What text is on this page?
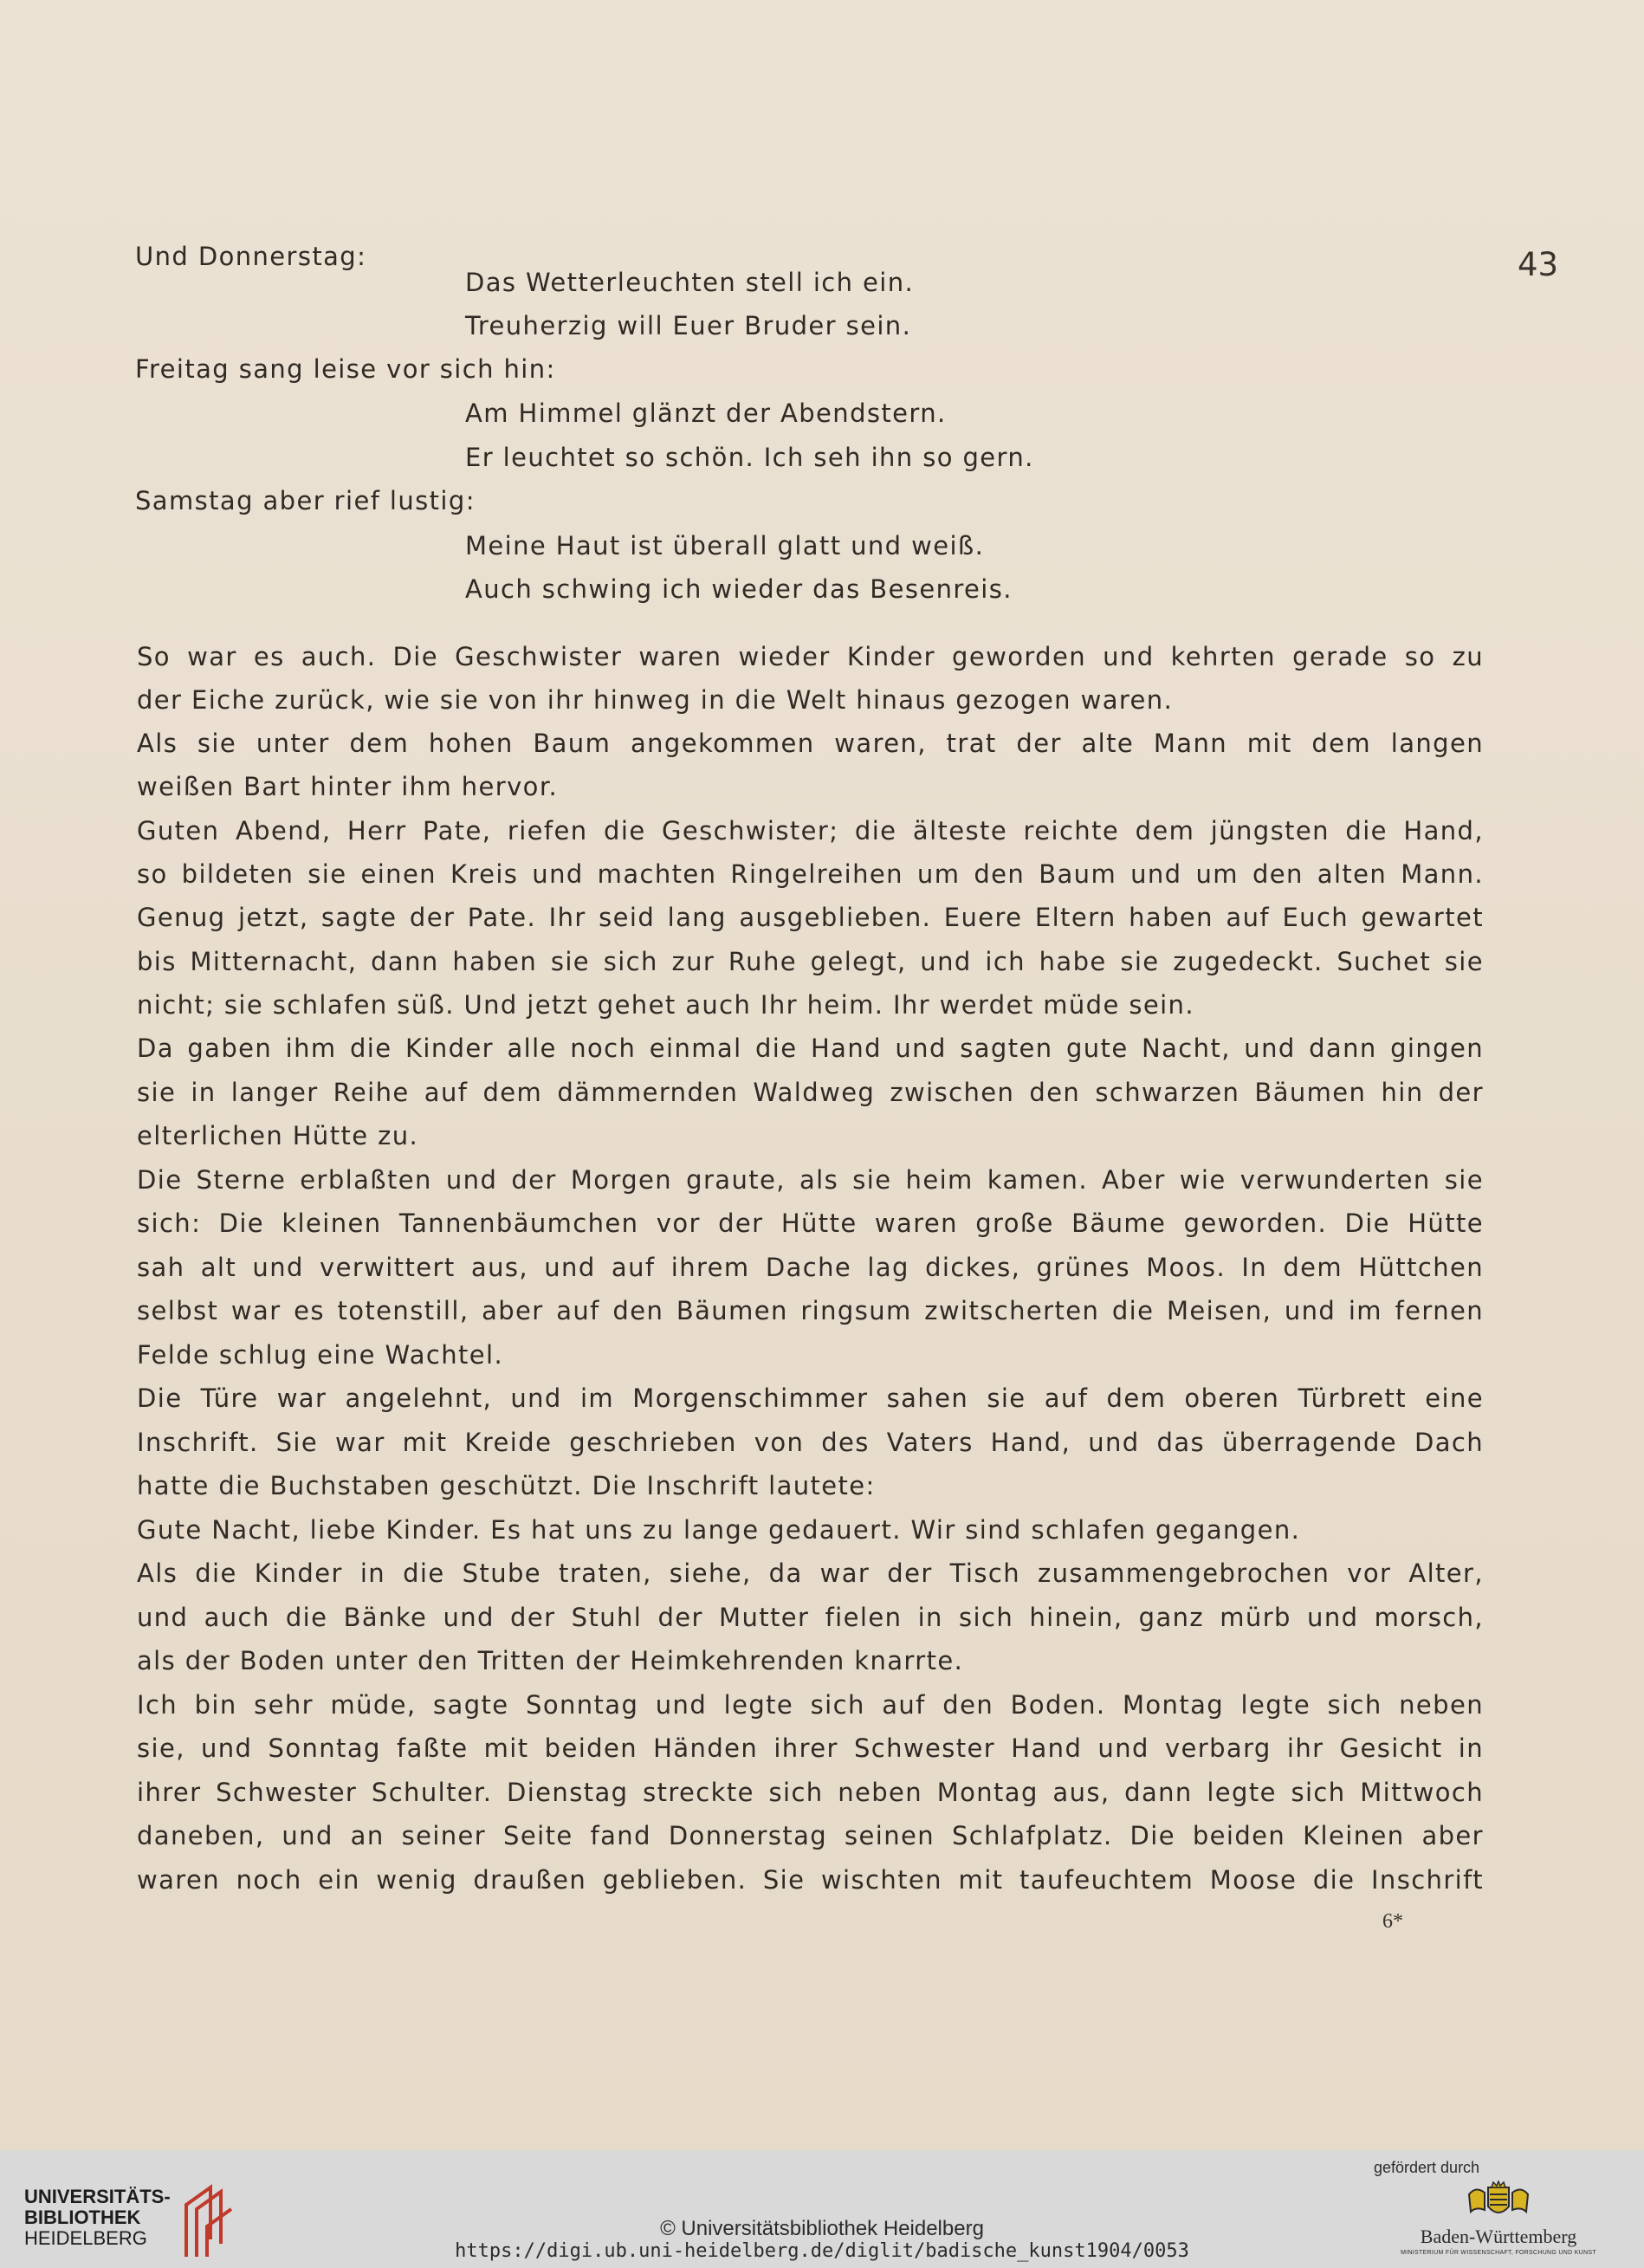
43
Und Donnerstag:
Das Wetterleuchten stell ich ein.
Treuherzig will Euer Bruder sein.
Freitag sang leise vor sich hin:
Am Himmel glänzt der Abendstern.
Er leuchtet so schön. Ich seh ihn so gern.
Samstag aber rief lustig:
Meine Haut ist überall glatt und weiß.
Auch schwing ich wieder das Besenreis.
So war es auch. Die Geschwister waren wieder Kinder geworden und kehrten gerade so zu
der Eiche zurück, wie sie von ihr hinweg in die Welt hinaus gezogen waren.
Als sie unter dem hohen Baum angekommen waren, trat der alte Mann mit dem langen
weißen Bart hinter ihm hervor.
Guten Abend, Herr Pate, riefen die Geschwister; die älteste reichte dem jüngsten die Hand,
so bildeten sie einen Kreis und machten Ringelreihen um den Baum und um den alten Mann.
Genug jetzt, sagte der Pate. Ihr seid lang ausgeblieben. Euere Eltern haben auf Euch gewartet
bis Mitternacht, dann haben sie sich zur Ruhe gelegt, und ich habe sie zugedeckt. Suchet sie
nicht; sie schlafen süß. Und jetzt gehet auch Ihr heim. Ihr werdet müde sein.
Da gaben ihm die Kinder alle noch einmal die Hand und sagten gute Nacht, und dann gingen
sie in langer Reihe auf dem dämmernden Waldweg zwischen den schwarzen Bäumen hin der
elterlichen Hütte zu.
Die Sterne erblaßten und der Morgen graute, als sie heim kamen. Aber wie verwunderten sie
sich: Die kleinen Tannenbäumchen vor der Hütte waren große Bäume geworden. Die Hütte
sah alt und verwittert aus, und auf ihrem Dache lag dickes, grünes Moos. In dem Hüttchen
selbst war es totenstill, aber auf den Bäumen ringsum zwitscherten die Meisen, und im fernen
Felde schlug eine Wachtel.
Die Türe war angelehnt, und im Morgenschimmer sahen sie auf dem oberen Türbrett eine
Inschrift. Sie war mit Kreide geschrieben von des Vaters Hand, und das überragende Dach
hatte die Buchstaben geschützt. Die Inschrift lautete:
Gute Nacht, liebe Kinder. Es hat uns zu lange gedauert. Wir sind schlafen gegangen.
Als die Kinder in die Stube traten, siehe, da war der Tisch zusammengebrochen vor Alter,
und auch die Bänke und der Stuhl der Mutter fielen in sich hinein, ganz mürb und morsch,
als der Boden unter den Tritten der Heimkehrenden knarrte.
Ich bin sehr müde, sagte Sonntag und legte sich auf den Boden. Montag legte sich neben
sie, und Sonntag faßte mit beiden Händen ihrer Schwester Hand und verbarg ihr Gesicht in
ihrer Schwester Schulter. Dienstag streckte sich neben Montag aus, dann legte sich Mittwoch
daneben, und an seiner Seite fand Donnerstag seinen Schlafplatz. Die beiden Kleinen aber
waren noch ein wenig draußen geblieben. Sie wischten mit taufeuchtem Moose die Inschrift
6*
UNIVERSITÄTS-
BIBLIOTHEK
HEIDELBERG	© Universitätsbibliothek Heidelberg
https://digi.ub.uni-heidelberg.de/diglit/badische_kunst1904/0053
gefördert durch
Baden-Württemberg
MINISTERIUM FÜR WISSENSCHAFT, FORSCHUNG UND KUNST
